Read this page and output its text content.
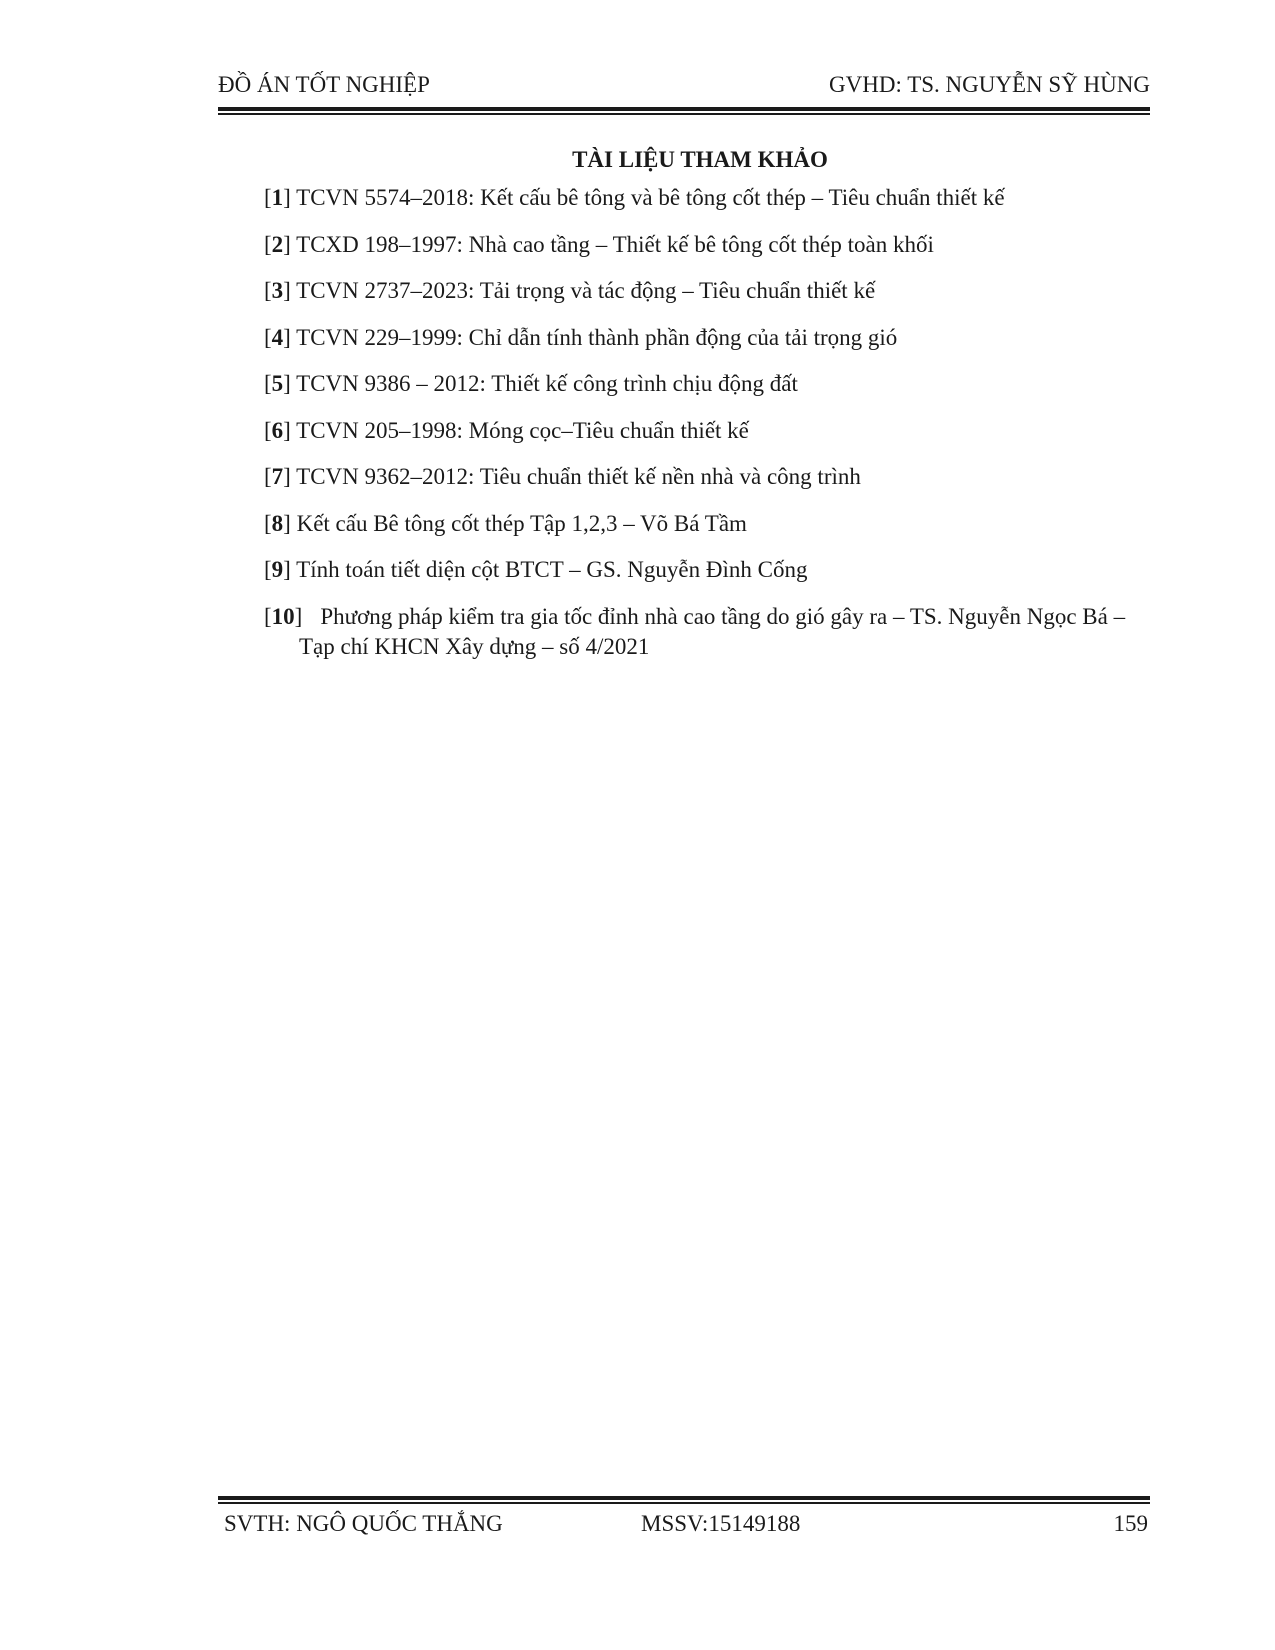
ĐỒ ÁN TỐT NGHIỆP	GVHD: TS. NGUYỄN SỸ HÙNG
TÀI LIỆU THAM KHẢO
[1] TCVN 5574–2018: Kết cấu bê tông và bê tông cốt thép – Tiêu chuẩn thiết kế
[2] TCXD 198–1997: Nhà cao tầng – Thiết kế bê tông cốt thép toàn khối
[3] TCVN 2737–2023: Tải trọng và tác động – Tiêu chuẩn thiết kế
[4] TCVN 229–1999: Chỉ dẫn tính thành phần động của tải trọng gió
[5] TCVN 9386 – 2012: Thiết kế công trình chịu động đất
[6] TCVN 205–1998: Móng cọc–Tiêu chuẩn thiết kế
[7] TCVN 9362–2012: Tiêu chuẩn thiết kế nền nhà và công trình
[8] Kết cấu Bê tông cốt thép Tập 1,2,3 – Võ Bá Tầm
[9] Tính toán tiết diện cột BTCT – GS. Nguyễn Đình Cống
[10] Phương pháp kiểm tra gia tốc đỉnh nhà cao tầng do gió gây ra – TS. Nguyễn Ngọc Bá – Tạp chí KHCN Xây dựng – số 4/2021
SVTH: NGÔ QUỐC THẮNG	MSSV:15149188	159
